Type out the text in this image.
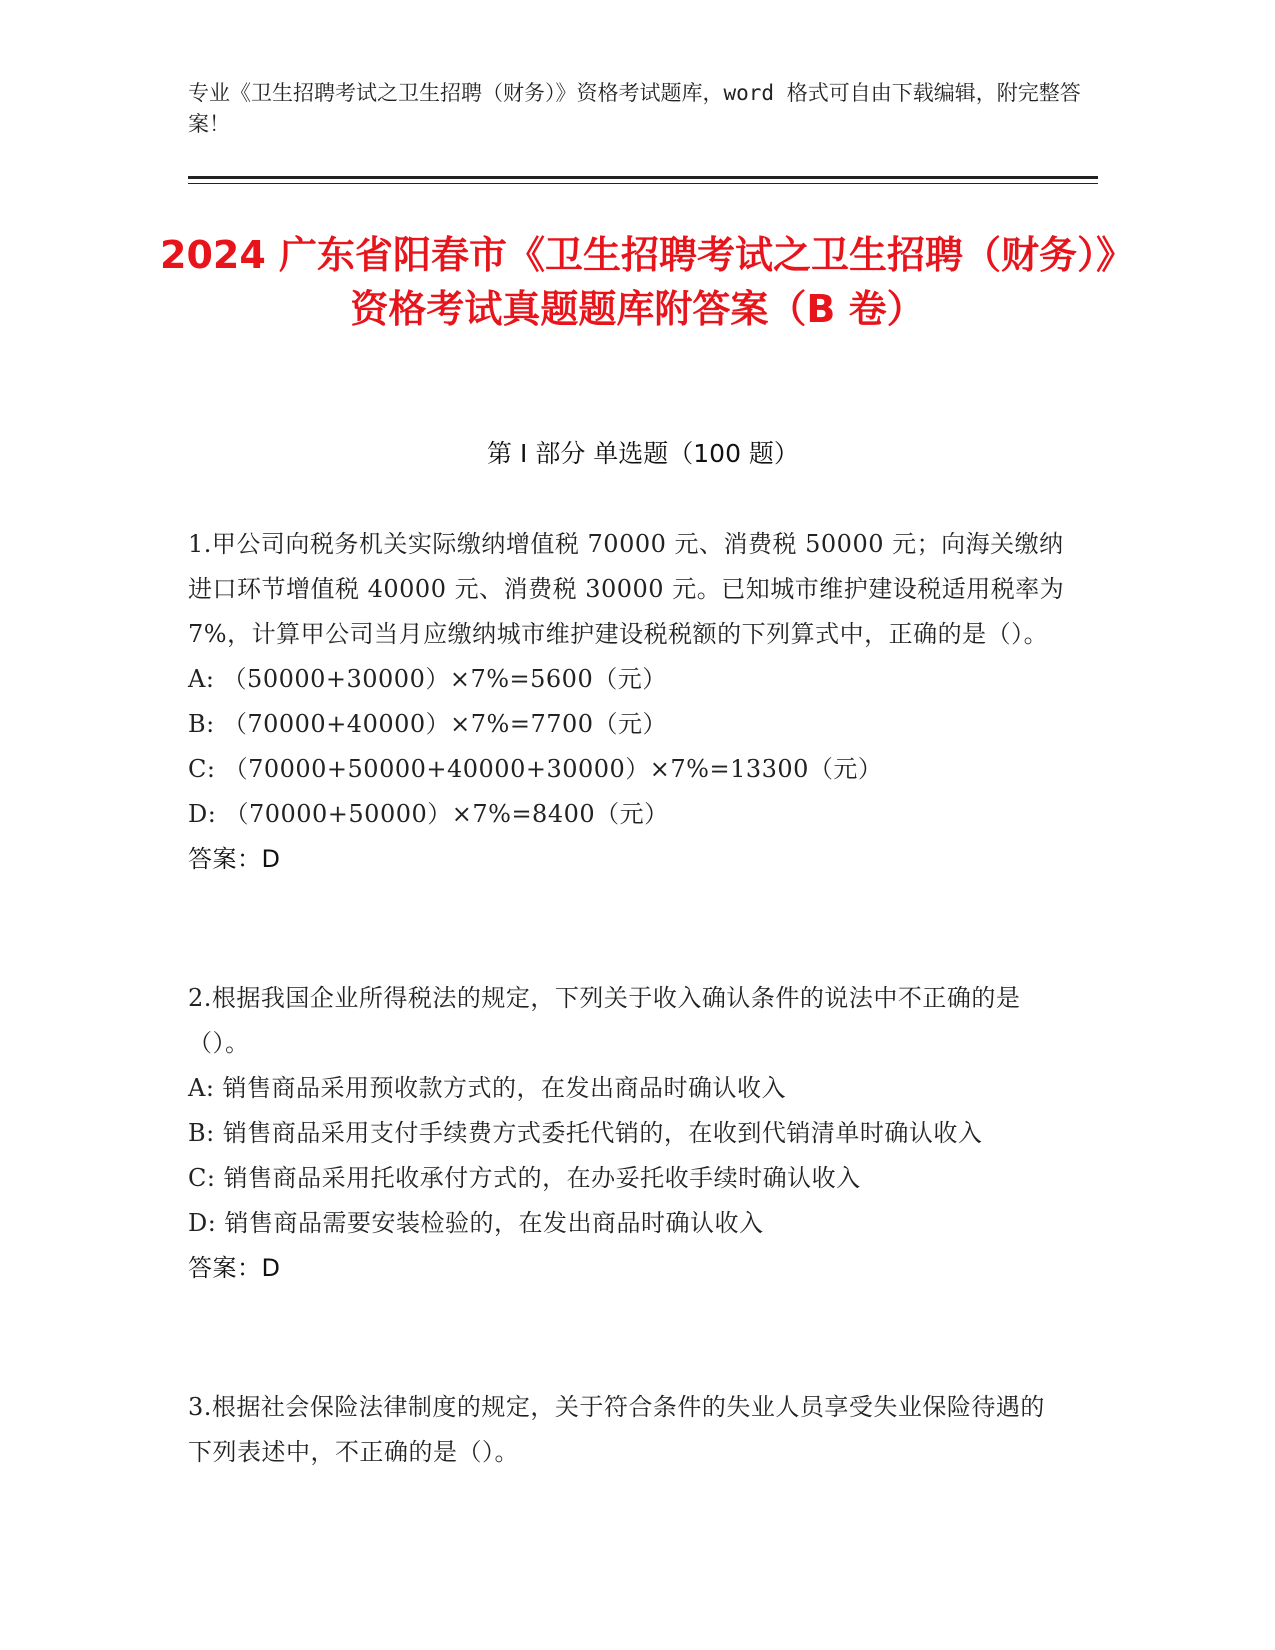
专业《卫生招聘考试之卫生招聘（财务）》资格考试题库，word 格式可自由下载编辑，附完整答案！
2024 广东省阳春市《卫生招聘考试之卫生招聘（财务）》资格考试真题题库附答案（B 卷）
第 I 部分 单选题（100 题）
1.甲公司向税务机关实际缴纳增值税 70000 元、消费税 50000 元；向海关缴纳进口环节增值税 40000 元、消费税 30000 元。已知城市维护建设税适用税率为 7%，计算甲公司当月应缴纳城市维护建设税税额的下列算式中，正确的是（）。
A: （50000+30000）×7%=5600（元）
B: （70000+40000）×7%=7700（元）
C: （70000+50000+40000+30000）×7%=13300（元）
D: （70000+50000）×7%=8400（元）
答案：D
2.根据我国企业所得税法的规定，下列关于收入确认条件的说法中不正确的是（）。
A: 销售商品采用预收款方式的，在发出商品时确认收入
B: 销售商品采用支付手续费方式委托代销的，在收到代销清单时确认收入
C: 销售商品采用托收承付方式的，在办妥托收手续时确认收入
D: 销售商品需要安装检验的，在发出商品时确认收入
答案：D
3.根据社会保险法律制度的规定，关于符合条件的失业人员享受失业保险待遇的下列表述中，不正确的是（）。
